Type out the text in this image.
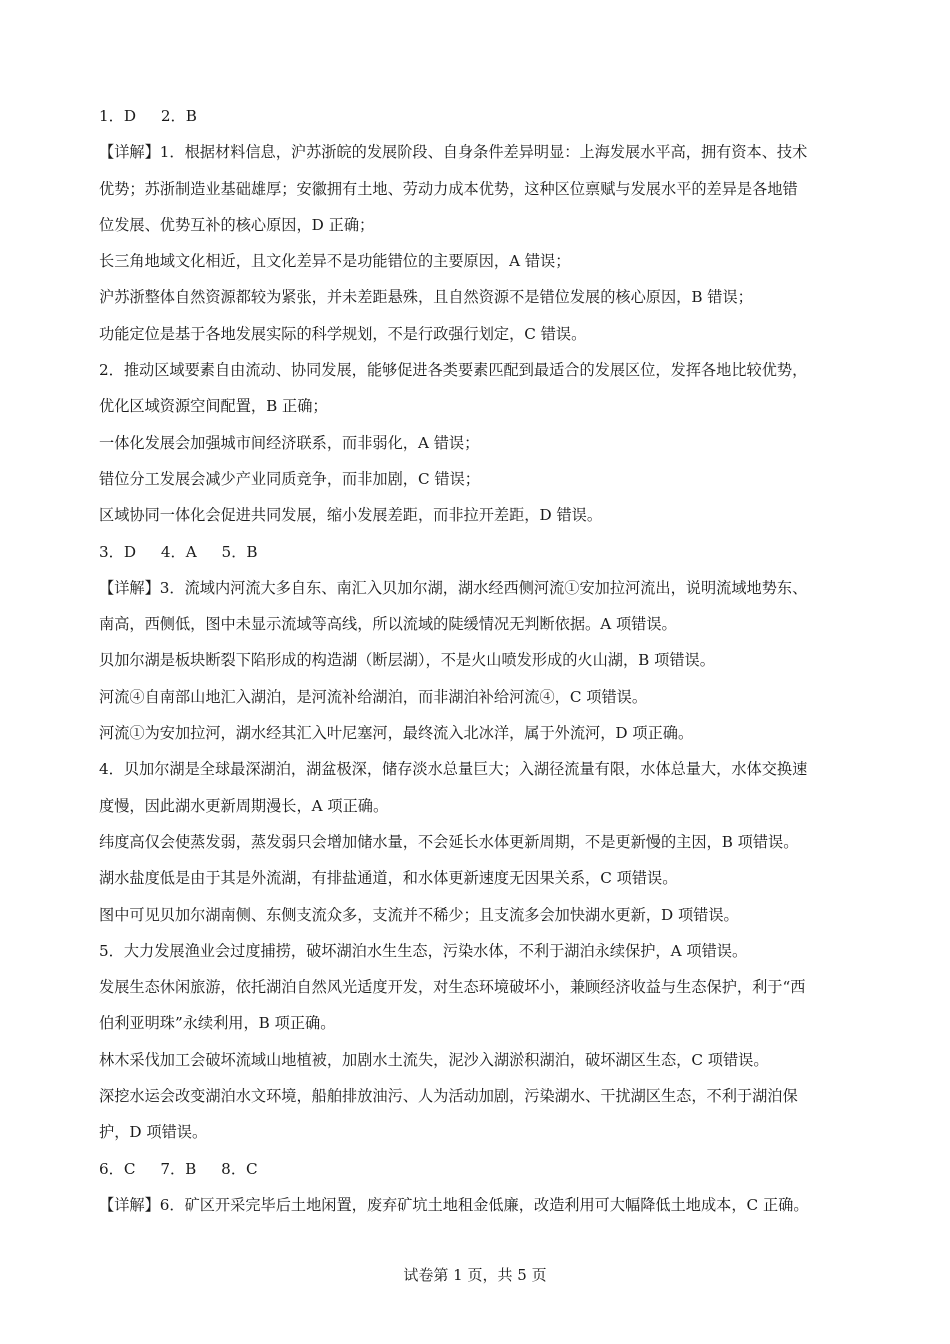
1．D　  2．B
【详解】1．根据材料信息，沪苏浙皖的发展阶段、自身条件差异明显：上海发展水平高，拥有资本、技术
优势；苏浙制造业基础雄厚；安徽拥有土地、劳动力成本优势，这种区位禀赋与发展水平的差异是各地错
位发展、优势互补的核心原因，D 正确；
长三角地域文化相近，且文化差异不是功能错位的主要原因，A 错误；
沪苏浙整体自然资源都较为紧张，并未差距悬殊，且自然资源不是错位发展的核心原因，B 错误；
功能定位是基于各地发展实际的科学规划，不是行政强行划定，C 错误。
2．推动区域要素自由流动、协同发展，能够促进各类要素匹配到最适合的发展区位，发挥各地比较优势，
优化区域资源空间配置，B 正确；
一体化发展会加强城市间经济联系，而非弱化，A 错误；
错位分工发展会减少产业同质竞争，而非加剧，C 错误；
区域协同一体化会促进共同发展，缩小发展差距，而非拉开差距，D 错误。
3．D　  4．A　  5．B
【详解】3．流域内河流大多自东、南汇入贝加尔湖，湖水经西侧河流①安加拉河流出，说明流域地势东、
南高，西侧低，图中未显示流域等高线，所以流域的陡缓情况无判断依据。A 项错误。
贝加尔湖是板块断裂下陷形成的构造湖（断层湖），不是火山喷发形成的火山湖，B 项错误。
河流④自南部山地汇入湖泊，是河流补给湖泊，而非湖泊补给河流④，C 项错误。
河流①为安加拉河，湖水经其汇入叶尼塞河，最终流入北冰洋，属于外流河，D 项正确。
4．贝加尔湖是全球最深湖泊，湖盆极深，储存淡水总量巨大；入湖径流量有限，水体总量大，水体交换速
度慢，因此湖水更新周期漫长，A 项正确。
纬度高仅会使蒸发弱，蒸发弱只会增加储水量，不会延长水体更新周期，不是更新慢的主因，B 项错误。
湖水盐度低是由于其是外流湖，有排盐通道，和水体更新速度无因果关系，C 项错误。
图中可见贝加尔湖南侧、东侧支流众多，支流并不稀少；且支流多会加快湖水更新，D 项错误。
5．大力发展渔业会过度捕捞，破坏湖泊水生生态，污染水体，不利于湖泊永续保护，A 项错误。
发展生态休闲旅游，依托湖泊自然风光适度开发，对生态环境破坏小，兼顾经济收益与生态保护，利于“西
伯利亚明珠”永续利用，B 项正确。
林木采伐加工会破坏流域山地植被，加剧水土流失，泥沙入湖淤积湖泊，破坏湖区生态，C 项错误。
深挖水运会改变湖泊水文环境，船舶排放油污、人为活动加剧，污染湖水、干扰湖区生态，不利于湖泊保
护，D 项错误。
6．C　  7．B　  8．C
【详解】6．矿区开采完毕后土地闲置，废弃矿坑土地租金低廉，改造利用可大幅降低土地成本，C 正确。
试卷第 1 页，共 5 页
